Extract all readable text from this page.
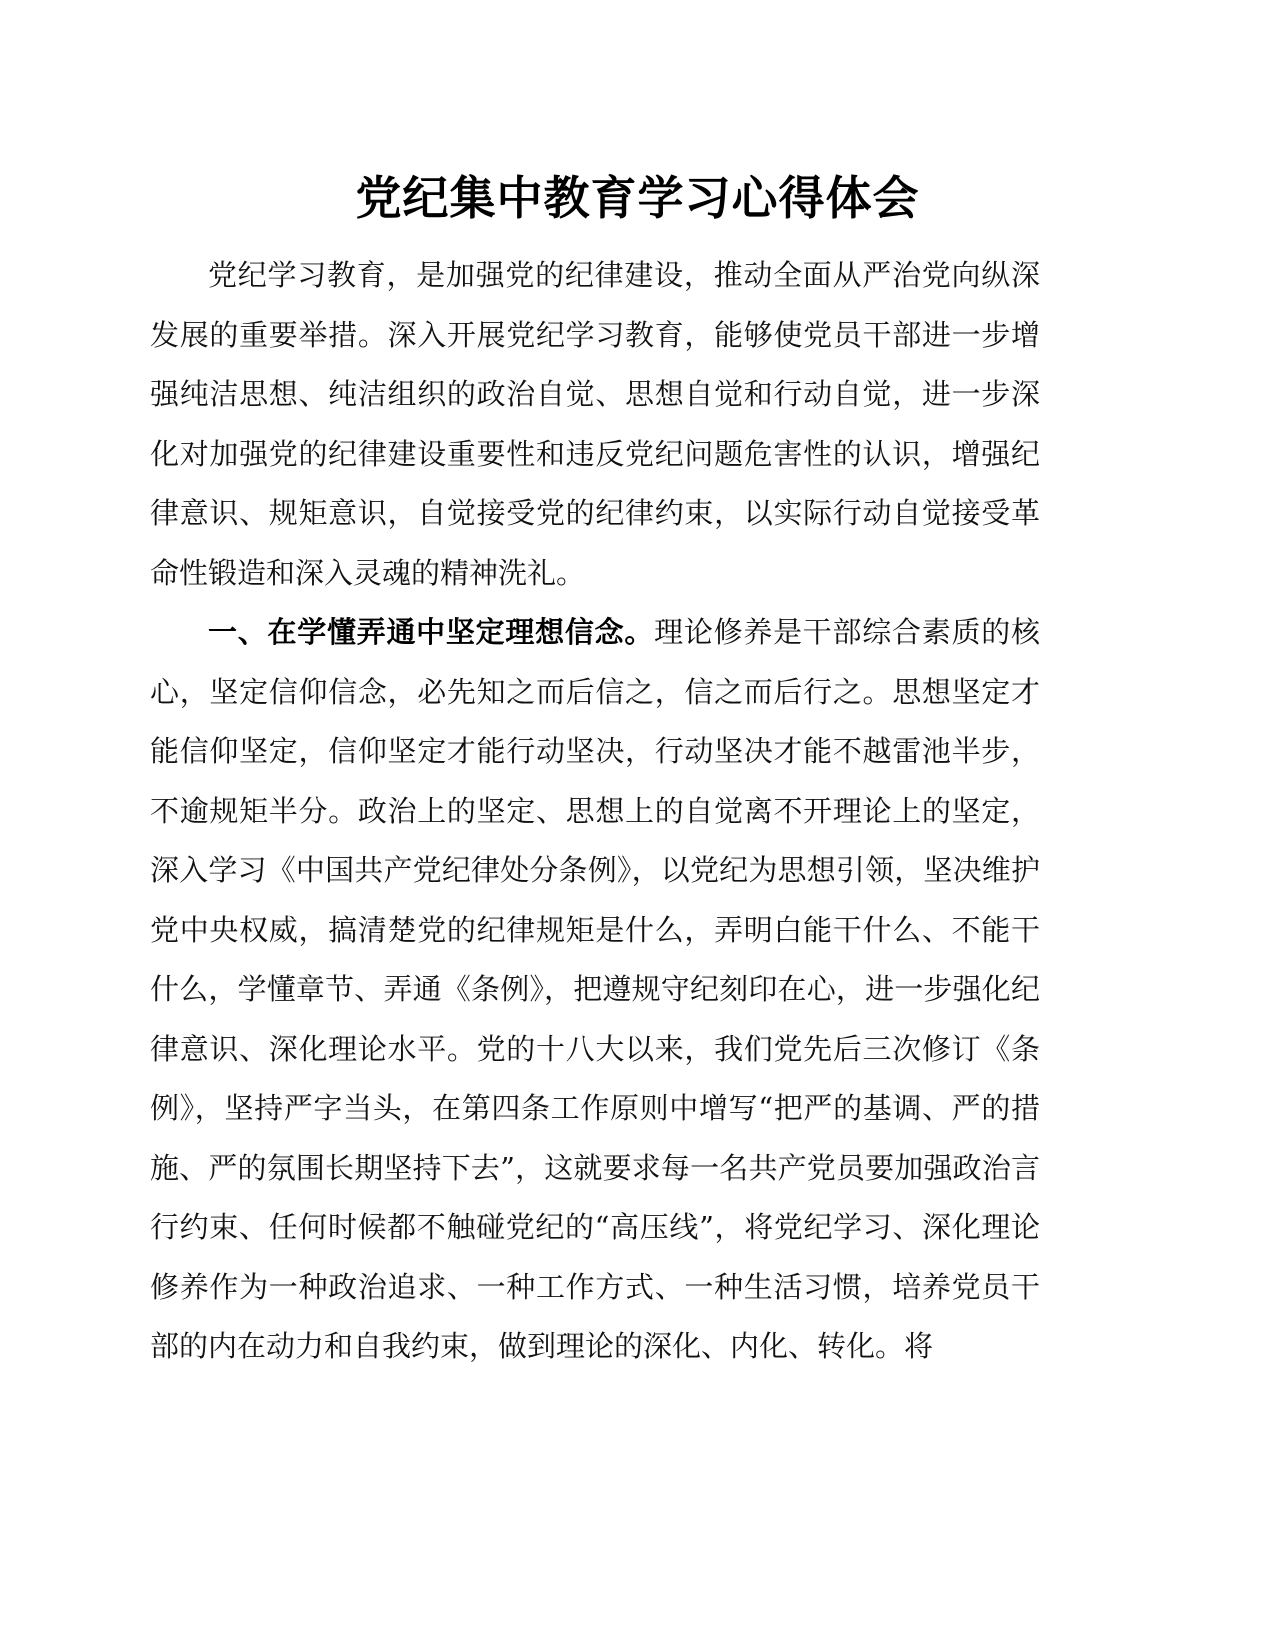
党纪集中教育学习心得体会

党纪学习教育，是加强党的纪律建设，推动全面从严治党向纵深发展的重要举措。深入开展党纪学习教育，能够使党员干部进一步增强纯洁思想、纯洁组织的政治自觉、思想自觉和行动自觉，进一步深化对加强党的纪律建设重要性和违反党纪问题危害性的认识，增强纪律意识、规矩意识，自觉接受党的纪律约束，以实际行动自觉接受革命性锻造和深入灵魂的精神洗礼。

一、在学懂弄通中坚定理想信念。理论修养是干部综合素质的核心，坚定信仰信念，必先知之而后信之，信之而后行之。思想坚定才能信仰坚定，信仰坚定才能行动坚决，行动坚决才能不越雷池半步，不逾规矩半分。政治上的坚定、思想上的自觉离不开理论上的坚定，深入学习《中国共产党纪律处分条例》，以党纪为思想引领，坚决维护党中央权威，搞清楚党的纪律规矩是什么，弄明白能干什么、不能干什么，学懂章节、弄通《条例》，把遵规守纪刻印在心，进一步强化纪律意识、深化理论水平。党的十八大以来，我们党先后三次修订《条例》，坚持严字当头，在第四条工作原则中增写“把严的基调、严的措施、严的氛围长期坚持下去”，这就要求每一名共产党员要加强政治言行约束、任何时候都不触碰党纪的“高压线”，将党纪学习、深化理论修养作为一种政治追求、一种工作方式、一种生活习惯，培养党员干部的内在动力和自我约束，做到理论的深化、内化、转化。将
